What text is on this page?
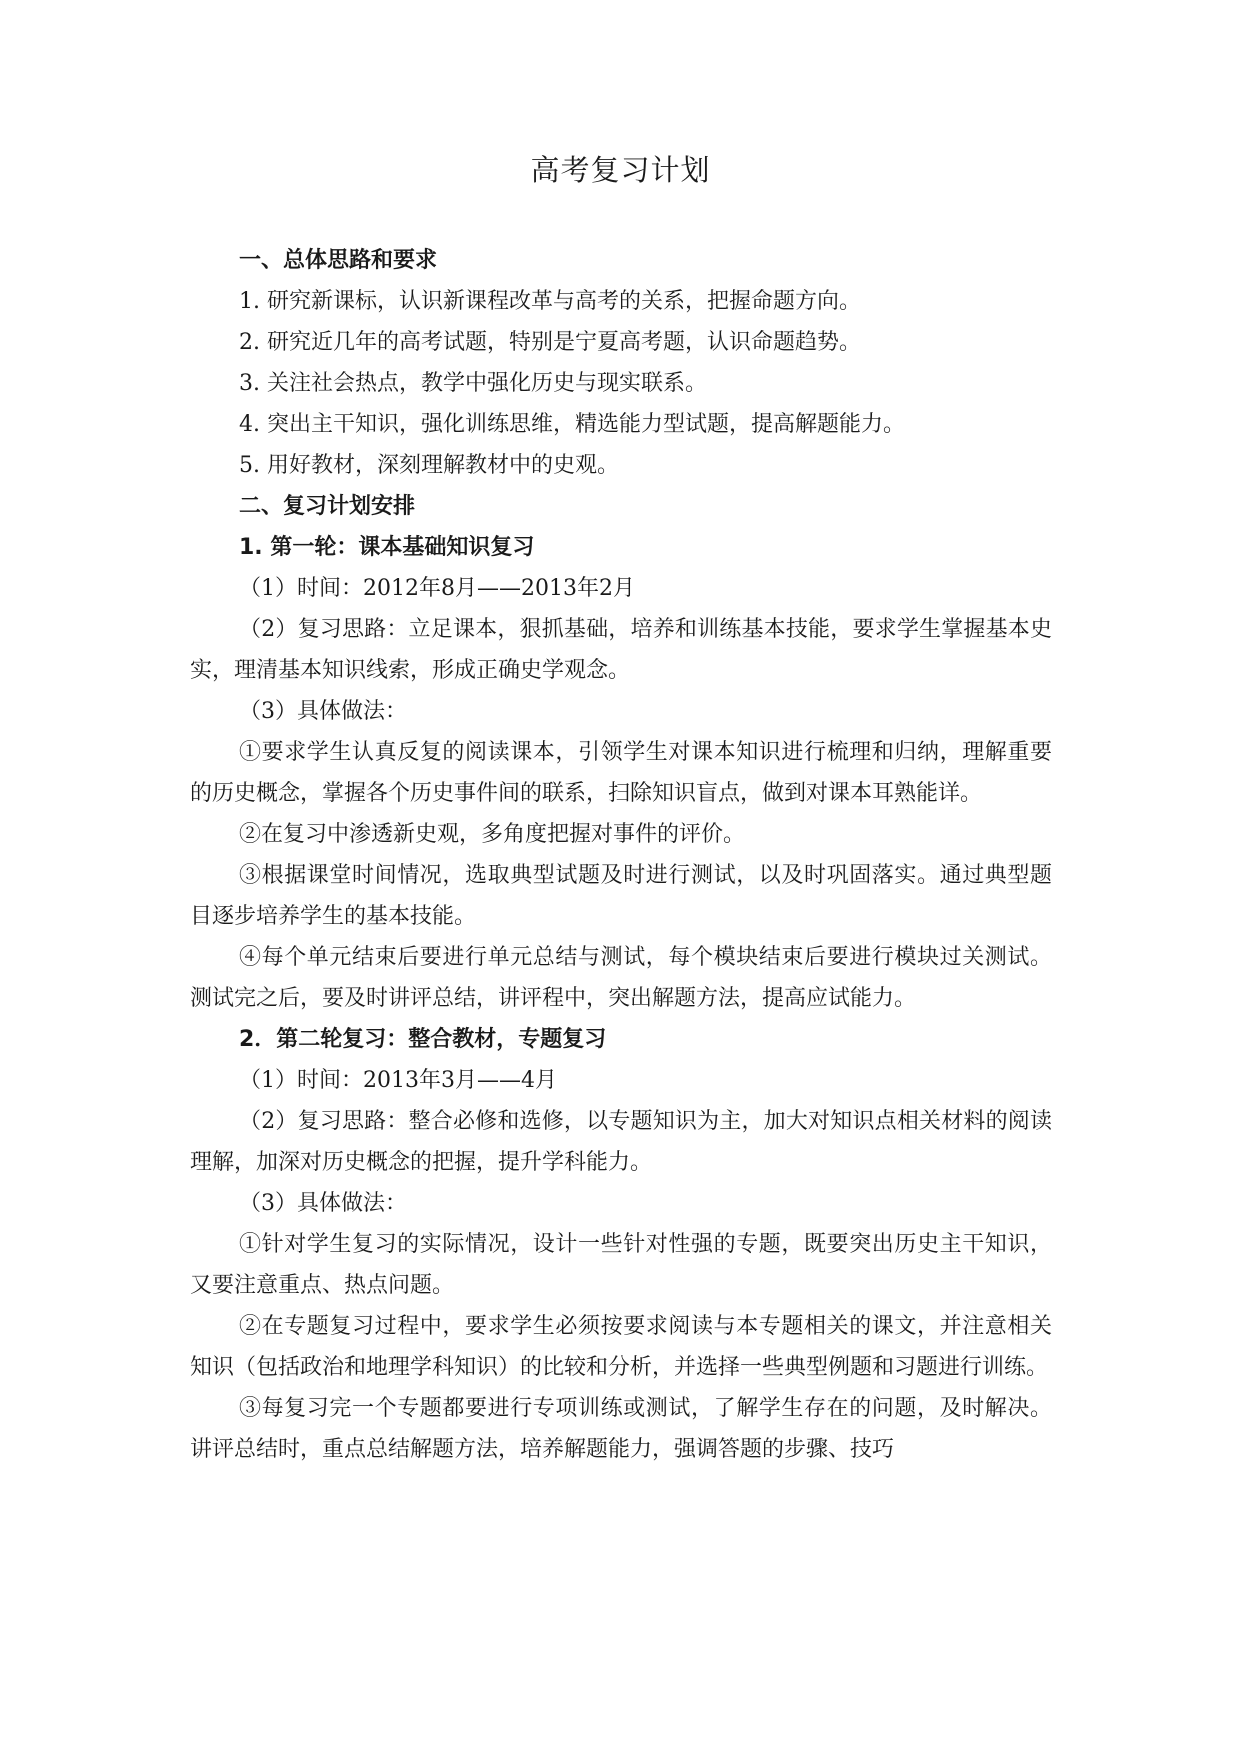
高考复习计划
一、总体思路和要求
1. 研究新课标，认识新课程改革与高考的关系，把握命题方向。
2. 研究近几年的高考试题，特别是宁夏高考题，认识命题趋势。
3. 关注社会热点，教学中强化历史与现实联系。
4. 突出主干知识，强化训练思维，精选能力型试题，提高解题能力。
5. 用好教材，深刻理解教材中的史观。
二、复习计划安排
1. 第一轮：课本基础知识复习
（1）时间：2012年8月——2013年2月
（2）复习思路：立足课本，狠抓基础，培养和训练基本技能，要求学生掌握基本史实，理清基本知识线索，形成正确史学观念。
（3）具体做法：
①要求学生认真反复的阅读课本，引领学生对课本知识进行梳理和归纳，理解重要的历史概念，掌握各个历史事件间的联系，扫除知识盲点，做到对课本耳熟能详。
②在复习中渗透新史观，多角度把握对事件的评价。
③根据课堂时间情况，选取典型试题及时进行测试，以及时巩固落实。通过典型题目逐步培养学生的基本技能。
④每个单元结束后要进行单元总结与测试，每个模块结束后要进行模块过关测试。测试完之后，要及时讲评总结，讲评程中，突出解题方法，提高应试能力。
2．第二轮复习：整合教材，专题复习
（1）时间：2013年3月——4月
（2）复习思路：整合必修和选修，以专题知识为主，加大对知识点相关材料的阅读理解，加深对历史概念的把握，提升学科能力。
（3）具体做法：
①针对学生复习的实际情况，设计一些针对性强的专题，既要突出历史主干知识，又要注意重点、热点问题。
②在专题复习过程中，要求学生必须按要求阅读与本专题相关的课文，并注意相关知识（包括政治和地理学科知识）的比较和分析，并选择一些典型例题和习题进行训练。
③每复习完一个专题都要进行专项训练或测试，了解学生存在的问题，及时解决。讲评总结时，重点总结解题方法，培养解题能力，强调答题的步骤、技巧
